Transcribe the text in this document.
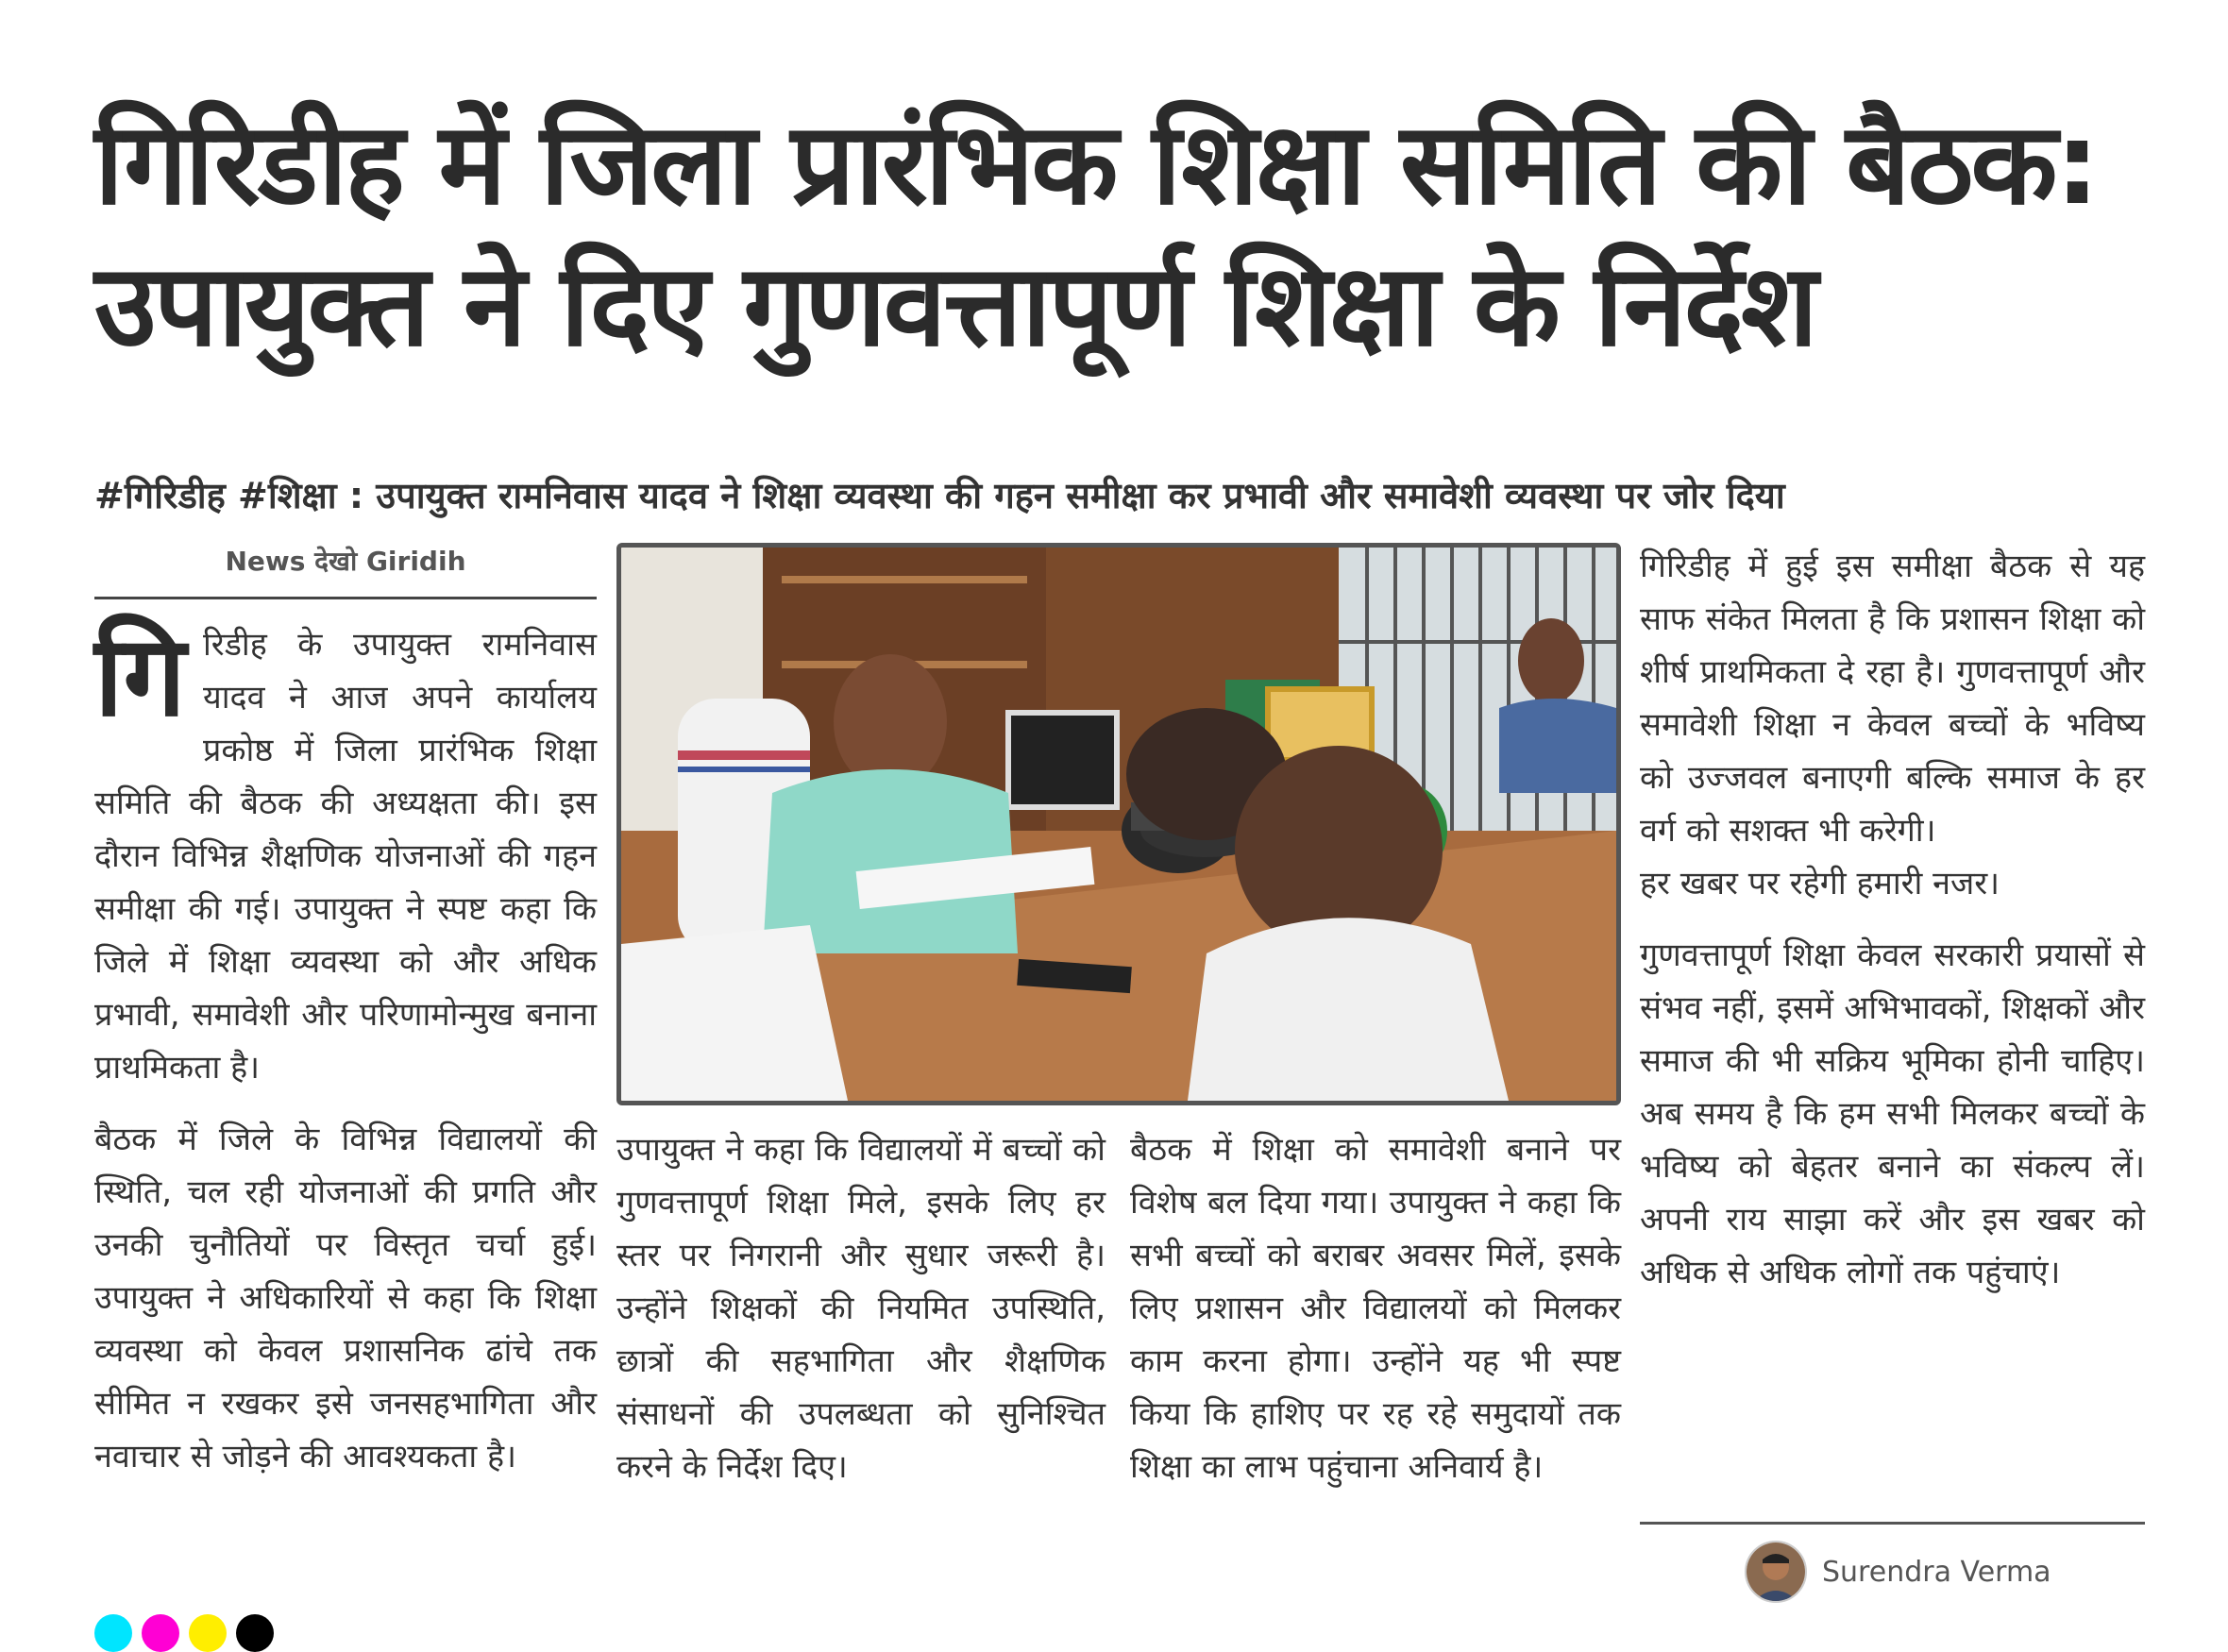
गिरिडीह में जिला प्रारंभिक शिक्षा समिति की बैठक:
उपायुक्त ने दिए गुणवत्तापूर्ण शिक्षा के निर्देश
#गिरिडीह #शिक्षा : उपायुक्त रामनिवास यादव ने शिक्षा व्यवस्था की गहन समीक्षा कर प्रभावी और समावेशी व्यवस्था पर जोर दिया
News देखो Giridih

गि रिडीह के उपायुक्त रामनिवास यादव ने आज अपने कार्यालय प्रकोष्ठ में जिला प्रारंभिक शिक्षा समिति की बैठक की अध्यक्षता की। इस दौरान विभिन्न शैक्षणिक योजनाओं की गहन समीक्षा की गई। उपायुक्त ने स्पष्ट कहा कि जिले में शिक्षा व्यवस्था को और अधिक प्रभावी, समावेशी और परिणामोन्मुख बनाना प्राथमिकता है।

बैठक में जिले के विभिन्न विद्यालयों की स्थिति, चल रही योजनाओं की प्रगति और उनकी चुनौतियों पर विस्तृत चर्चा हुई। उपायुक्त ने अधिकारियों से कहा कि शिक्षा व्यवस्था को केवल प्रशासनिक ढांचे तक सीमित न रखकर इसे जनसहभागिता और नवाचार से जोड़ने की आवश्यकता है।

उपायुक्त ने कहा कि विद्यालयों में बच्चों को गुणवत्तापूर्ण शिक्षा मिले, इसके लिए हर स्तर पर निगरानी और सुधार जरूरी है। उन्होंने शिक्षकों की नियमित उपस्थिति, छात्रों की सहभागिता और शैक्षणिक संसाधनों की उपलब्धता को सुनिश्चित करने के निर्देश दिए।

बैठक में शिक्षा को समावेशी बनाने पर विशेष बल दिया गया। उपायुक्त ने कहा कि सभी बच्चों को बराबर अवसर मिलें, इसके लिए प्रशासन और विद्यालयों को मिलकर काम करना होगा। उन्होंने यह भी स्पष्ट किया कि हाशिए पर रह रहे समुदायों तक शिक्षा का लाभ पहुंचाना अनिवार्य है।

गिरिडीह में हुई इस समीक्षा बैठक से यह साफ संकेत मिलता है कि प्रशासन शिक्षा को शीर्ष प्राथमिकता दे रहा है। गुणवत्तापूर्ण और समावेशी शिक्षा न केवल बच्चों के भविष्य को उज्जवल बनाएगी बल्कि समाज के हर वर्ग को सशक्त भी करेगी।

हर खबर पर रहेगी हमारी नजर।

गुणवत्तापूर्ण शिक्षा केवल सरकारी प्रयासों से संभव नहीं, इसमें अभिभावकों, शिक्षकों और समाज की भी सक्रिय भूमिका होनी चाहिए। अब समय है कि हम सभी मिलकर बच्चों के भविष्य को बेहतर बनाने का संकल्प लें। अपनी राय साझा करें और इस खबर को अधिक से अधिक लोगों तक पहुंचाएं।

Surendra Verma
